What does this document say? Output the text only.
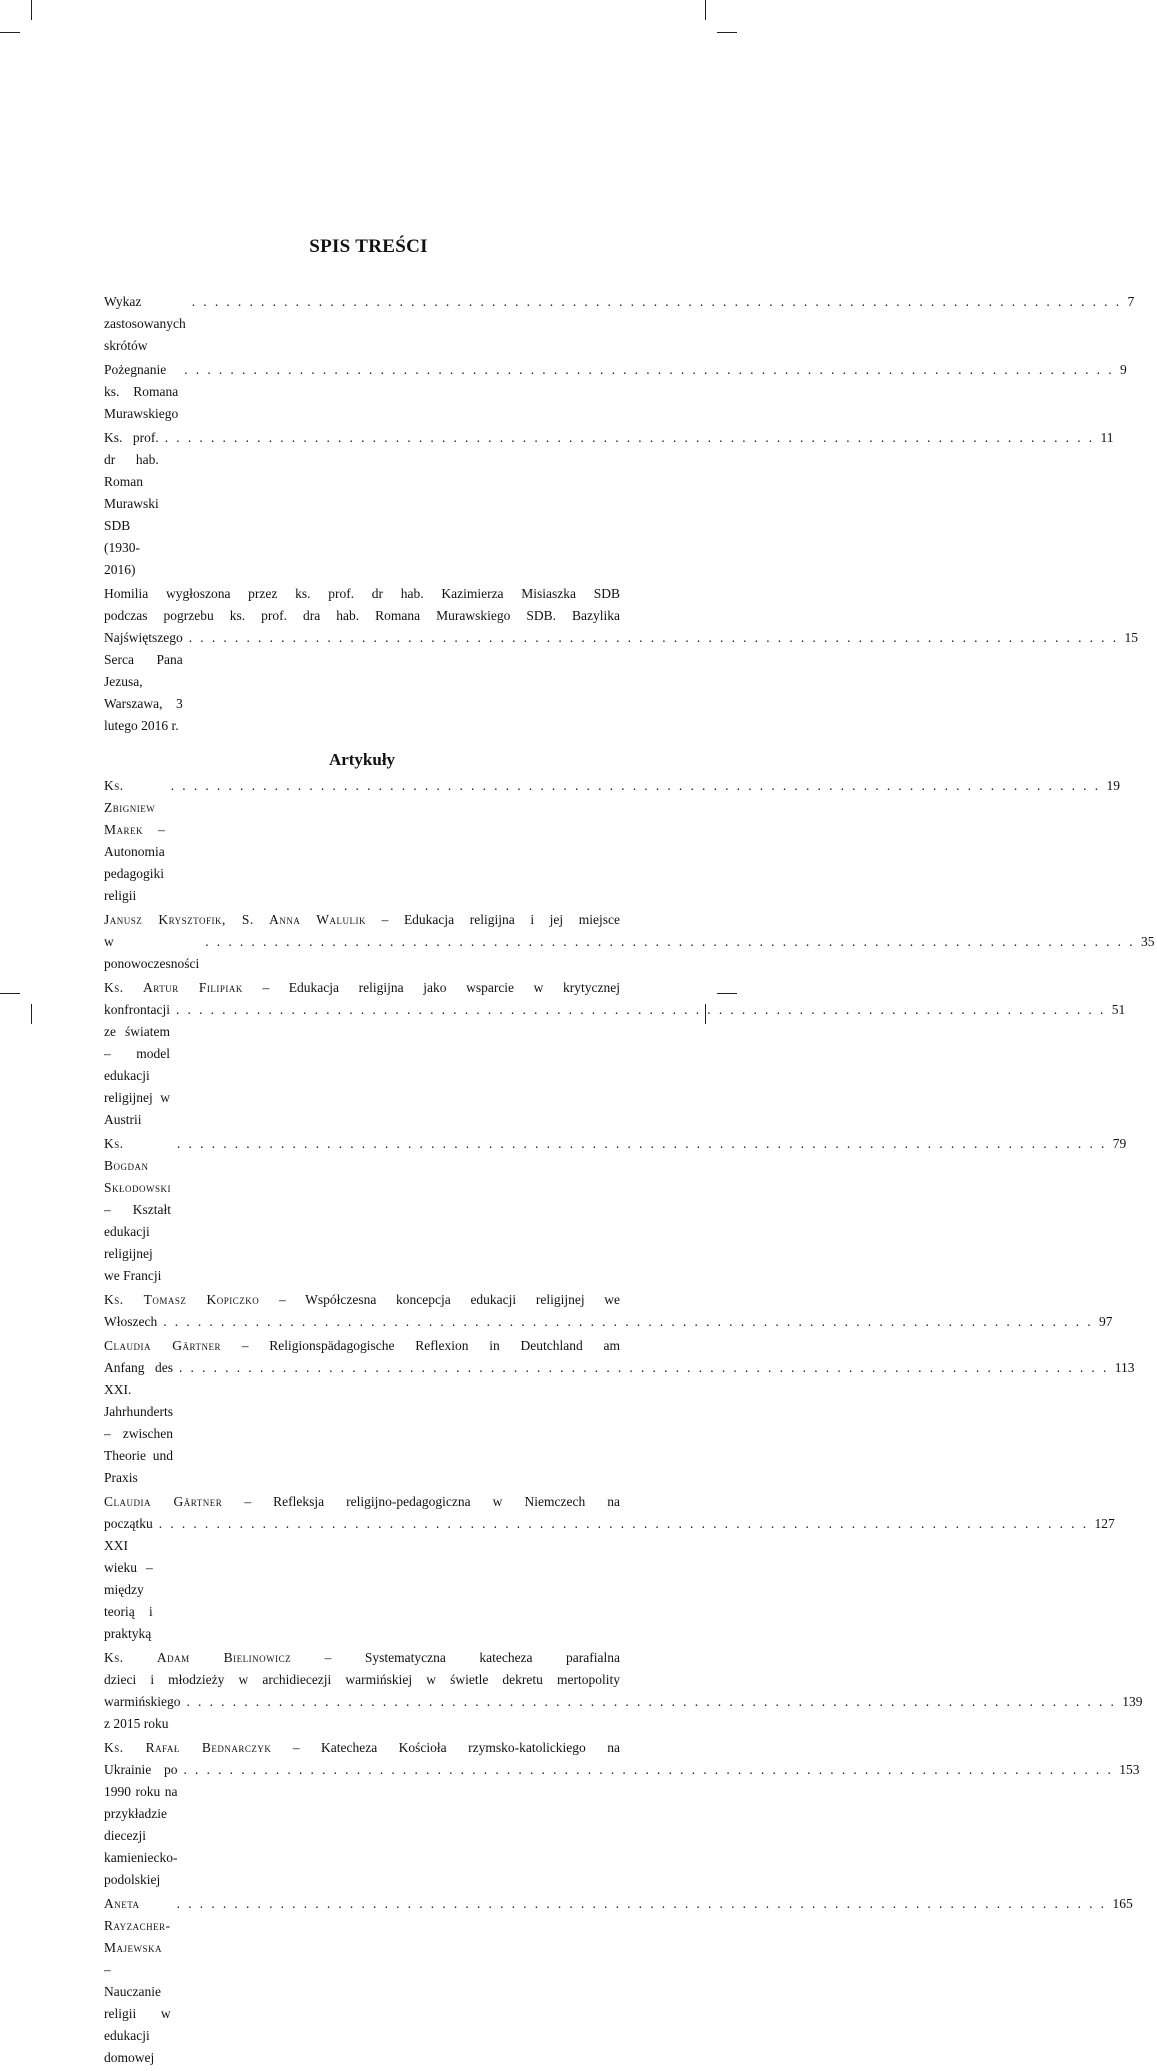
SPIS TREŚCI
Wykaz zastosowanych skrótów
. . . . . . . . . . . . . . . . . . . . . . . . . . . . . . . . . . . . . . . . . . . . . . . . . . . . . . . . . . . . . . . . . . . . . . . . . . . . . . . . . 7
Pożegnanie ks. Romana Murawskiego
. . . . . . . . . . . . . . . . . . . . . . . . . . . . . . . . . . . . . . . . . . . . . . . . . . . . . . . . . . . . . . . . . . . . . . . . . . . . . . . . . 9
Ks. prof. dr hab. Roman Murawski SDB (1930-2016)
. . . . . . . . . . . . . . . . . . . . . . . . . . . . . . . . . . . . . . . . . . . . . . . . . . . . . . . . . . . . . . . . . . . . . . . . . . . . . . . . . 11
Homilia wygłoszona przez ks. prof. dr hab. Kazimierza Misiaszka SDB
podczas pogrzebu ks. prof. dra hab. Romana Murawskiego SDB. Bazylika
Najświętszego Serca Pana Jezusa, Warszawa, 3 lutego 2016 r.
. . . . . . . . . . . . . . . . . . . . . . . . . . . . . . . . . . . . . . . . . . . . . . . . . . . . . . . . . . . . . . . . . . . . . . . . . . . . . . . . . 15
Artykuły
Ks. Zbigniew Marek – Autonomia pedagogiki religii
. . . . . . . . . . . . . . . . . . . . . . . . . . . . . . . . . . . . . . . . . . . . . . . . . . . . . . . . . . . . . . . . . . . . . . . . . . . . . . . . . 19
Janusz Krysztofik, S. Anna Walulik – Edukacja religijna i jej miejsce
w ponowoczesności
. . . . . . . . . . . . . . . . . . . . . . . . . . . . . . . . . . . . . . . . . . . . . . . . . . . . . . . . . . . . . . . . . . . . . . . . . . . . . . . . . 35
Ks. Artur Filipiak – Edukacja religijna jako wsparcie w krytycznej
konfrontacji ze światem – model edukacji religijnej w Austrii
. . . . . . . . . . . . . . . . . . . . . . . . . . . . . . . . . . . . . . . . . . . . . . . . . . . . . . . . . . . . . . . . . . . . . . . . . . . . . . . . . 51
Ks. Bogdan Skłodowski – Kształt edukacji religijnej we Francji
. . . . . . . . . . . . . . . . . . . . . . . . . . . . . . . . . . . . . . . . . . . . . . . . . . . . . . . . . . . . . . . . . . . . . . . . . . . . . . . . . 79
Ks. Tomasz Kopiczko – Współczesna koncepcja edukacji religijnej we
Włoszech . . . . . . . . . . . . . . . . . . . . . . . . . . . . . . . . . . . . . . . . . . . . . . . . . . . . . . . . . . . . . . . . . . . . . . . . . . . . . . . . . 97
Claudia Gärtner – Religionspädagogische Reflexion in Deutchland am
Anfang des XXI. Jahrhunderts – zwischen Theorie und Praxis
. . . . . . . . . . . . . . . . . . . . . . . . . . . . . . . . . . . . . . . . . . . . . . . . . . . . . . . . . . . . . . . . . . . . . . . . . . . . . . . . . 113
Claudia Gärtner – Refleksja religijno-pedagogiczna w Niemczech na
początku XXI wieku – między teorią i praktyką
. . . . . . . . . . . . . . . . . . . . . . . . . . . . . . . . . . . . . . . . . . . . . . . . . . . . . . . . . . . . . . . . . . . . . . . . . . . . . . . . . 127
Ks. Adam Bielinowicz – Systematyczna katecheza parafialna
dzieci i młodzieży w archidiecezji warmińskiej w świetle dekretu mertopolity
warmińskiego z 2015 roku
. . . . . . . . . . . . . . . . . . . . . . . . . . . . . . . . . . . . . . . . . . . . . . . . . . . . . . . . . . . . . . . . . . . . . . . . . . . . . . . . . 139
Ks. Rafał Bednarczyk – Katecheza Kościoła rzymsko-katolickiego na
Ukrainie po 1990 roku na przykładzie diecezji kamieniecko-podolskiej
. . . . . . . . . . . . . . . . . . . . . . . . . . . . . . . . . . . . . . . . . . . . . . . . . . . . . . . . . . . . . . . . . . . . . . . . . . . . . . . . . 153
Aneta Rayzacher-Majewska – Nauczanie religii w edukacji domowej
. . . . . . . . . . . . . . . . . . . . . . . . . . . . . . . . . . . . . . . . . . . . . . . . . . . . . . . . . . . . . . . . . . . . . . . . . . . . . . . . . 165
